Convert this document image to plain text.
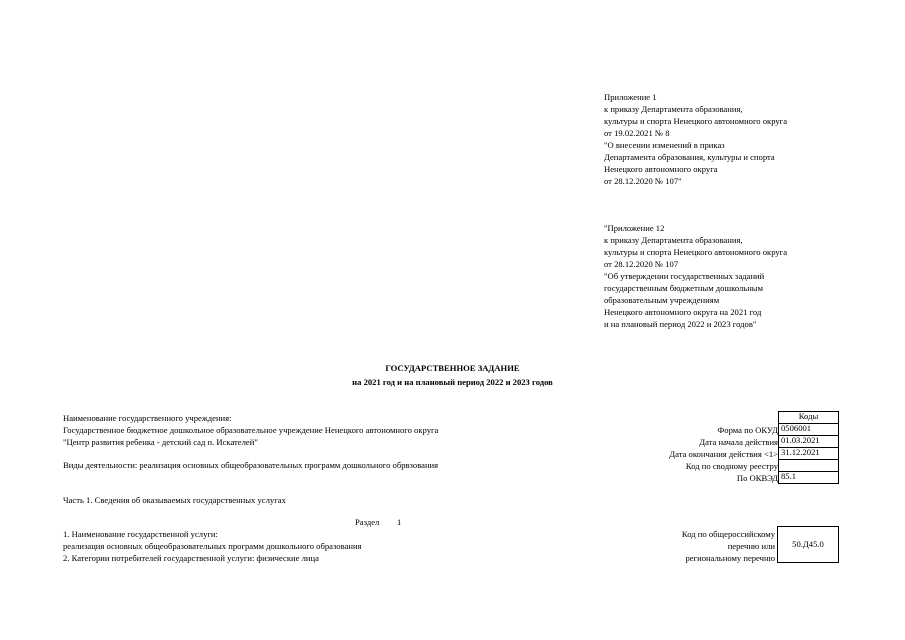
Приложение 1
к приказу Департамента образования,
культуры и спорта Ненецкого автономного округа
от 19.02.2021 № 8
"О внесении изменений в приказ
Департамента образования, культуры и спорта
Ненецкого автономного округа
от 28.12.2020 № 107"
"Приложение 12
к приказу Департамента образования,
культуры и спорта Ненецкого автономного округа
от 28.12.2020 № 107
"Об утверждении государственных заданий
государственным бюджетным дошкольным
образовательным учреждениям
Ненецкого автономного округа на 2021 год
и на плановый период 2022 и 2023 годов"
ГОСУДАРСТВЕННОЕ ЗАДАНИЕ
на 2021 год и на плановый период 2022 и 2023 годов
Наименование государственного учреждения:
Государственное бюджетное дошкольное образовательное учреждение Ненецкого автономного округа
"Центр развития ребенка - детский сад п. Искателей"
Виды деятельности: реализация основных общеобразовательных программ дошкольного обрвзования
Коды
Форма по ОКУД 0506001
Дата начала действия 01.03.2021
Дата окончания действия <1> 31.12.2021
Код по сводному реестру
По ОКВЭД 85.1
Часть 1. Сведения об оказываемых государственных услугах
Раздел 1
1. Наименование государственной услуги:
реализация основных общеобразовательных программ дошкольного образования
2. Категории потребителей государственной услуги: физические лица
Код по общероссийскому
перечню или
региональному перечню
50.Д45.0
